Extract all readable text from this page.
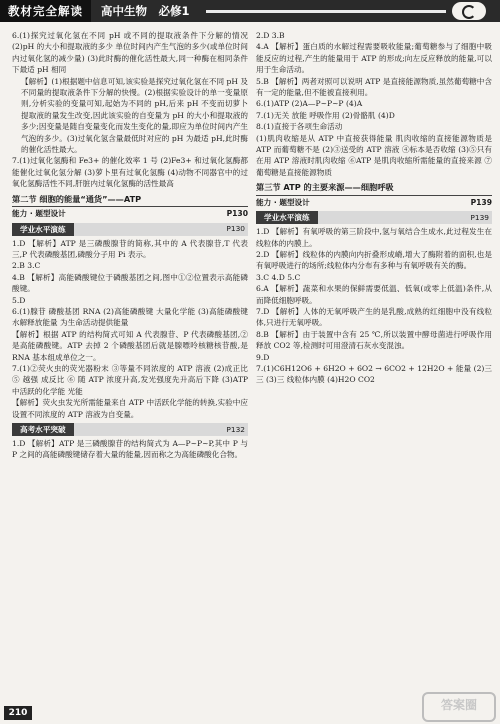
教材完全解读	高中生物　 必修1

6.(1)探究过氧化氢在不同 pH 或不同的提取液条件下分解的情况 (2)pH 的大小和提取液的多少 单位时间内产生气泡的多少(或单位时间内过氧化氢的减少量) (3)此时酶的催化活性最大,同一种酶在相同条件下最适 pH 相同

【解析】(1)根据题中信息可知,该实验是探究过氧化氢在不同 pH 及不同量的提取液条件下分解的快慢。(2)根据实验设计的单一变量原则,分析实验的变量可知,起始为不同的 pH,后来 pH 不变而切萝卜提取液的量发生改变,因此该实验的自变量为 pH 的大小和提取液的多少;因变量是随自变量变化而发生变化的量,即应为单位时间内产生气泡的多少。(3)过氧化氢含量最低时对应的 pH 为最适 pH,此时酶的催化活性最大。

7.(1)过氧化氢酶和 Fe3+ 的催化效率 1 号 (2)Fe3+ 和过氧化氢酶都能催化过氧化氢分解 (3)萝卜里有过氧化氢酶 (4)动物不同器官中的过氧化氢酶活性不同,肝脏内过氧化氢酶的活性最高

第二节 细胞的能量“通货”——ATP
能力 · 题型设计	P130
学业水平演练	P130

1.D 【解析】ATP 是三磷酸腺苷的简称,其中的 A 代表腺苷,T 代表三,P 代表磷酸基团,磷酸分子用 Pi 表示。

2.B 3.C

4.B 【解析】高能磷酸键位于磷酸基团之间,图中①②位置表示高能磷酸键。

5.D

6.(1)腺苷 磷酸基团 RNA (2)高能磷酸键 大量化学能 (3)高能磷酸键水解释放能量 为生命活动提供能量

【解析】根据 ATP 的结构简式可知 A 代表腺苷、P 代表磷酸基团,②是高能磷酸键。ATP 去掉 2 个磷酸基团后就是腺嘌呤核糖核苷酸,是 RNA 基本组成单位之一。

7.(1)②荧火虫的荧光器粉末 ③等量不同浓度的 ATP 溶液 (2)成正比 ⑤ 越强 成反比 ⑥ 随 ATP 浓度升高,发光强度先升高后下降 (3)ATP 中活跃的化学能 光能

【解析】荧火虫发光所需能量来自 ATP 中活跃化学能的转换,实验中应设置不同浓度的 ATP 溶液为自变量。

高考水平突破	P132

1.D 【解析】ATP 是三磷酸腺苷的结构简式为 A—P~P~P,其中 P 与 P 之间的高能磷酸键储存着大量的能量,因而称之为高能磷酸化合物。

2.D 3.B

4.A 【解析】蛋白质的水解过程需要吸收能量;葡萄糖参与了细胞中吸能反应的过程,产生的能量用于 ATP 的形成;向左反应释放的能量,可以用于生命活动。

5.B 【解析】两者对照可以说明 ATP 是直接能源物质,虽然葡萄糖中含有一定的能量,但不能被直接利用。

6.(1)ATP (2)A—P~P~P (4)A

7.(1)无关 放能 呼吸作用 (2)骨骼肌 (4)D

8.(1)直接于各项生命活动

(1)肌肉收缩是从 ATP 中直接获得能量 肌肉收缩的直接能源物质是 ATP 而葡萄糖不是 (2)③送受的 ATP 溶液 ④标本是否收缩 (3)⑤只有在用 ATP 溶液时肌肉收缩 ⑥ATP 是肌肉收缩所需能量的直接来源 ⑦葡萄糖是直接能源物质

第三节 ATP 的主要来源——细胞呼吸
能力 · 题型设计	P139
学业水平演练	P139

1.D 【解析】有氧呼吸的第三阶段中,氢与氧结合生成水,此过程发生在线粒体的内膜上。

2.D 【解析】线粒体的内膜向内折叠形成嵴,增大了酶附着的面积,也是有氧呼吸进行的场所;线粒体内分布有多种与有氧呼吸有关的酶。

3.C 4.D 5.C

6.A 【解析】蔬菜和水果的保鲜需要低温、低氧(或零上低温)条件,从而降低细胞呼吸。

7.D 【解析】人体的无氧呼吸产生的是乳酸,成熟的红细胞中没有线粒体,只进行无氧呼吸。

8.B 【解析】由于装置中含有 25 ℃,所以装置中酵母菌进行呼吸作用释放 CO2 等,检测时可用澄清石灰水变混浊。

9.D

7.(1)C6H12O6 + 6H2O + 6O2 → 6CO2 + 12H2O + 能量 (2)三 三 (3)三 线粒体内膜 (4)H2O CO2

210
答案圈
